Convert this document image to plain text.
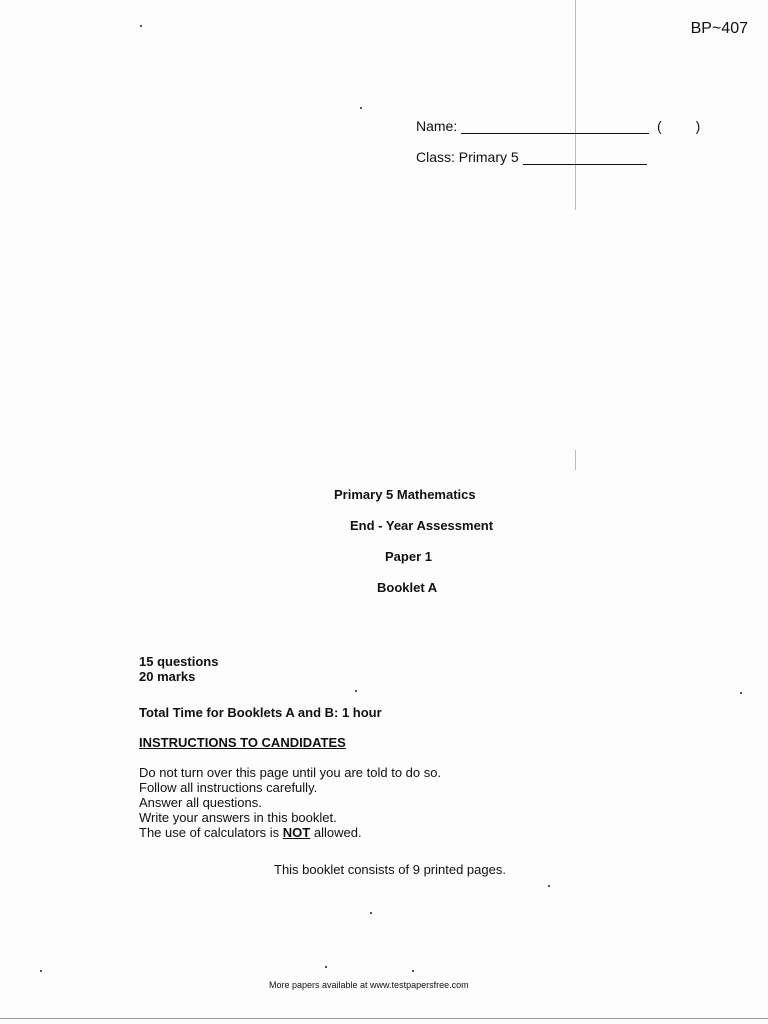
BP~407
Name:	( )
Class: Primary 5
Primary 5 Mathematics
End - Year Assessment
Paper 1
Booklet A
15 questions
20 marks
Total Time for Booklets A and B: 1 hour
INSTRUCTIONS TO CANDIDATES
Do not turn over this page until you are told to do so.
Follow all instructions carefully.
Answer all questions.
Write your answers in this booklet.
The use of calculators is NOT allowed.
This booklet consists of 9 printed pages.
More papers available at www.testpapersfree.com
